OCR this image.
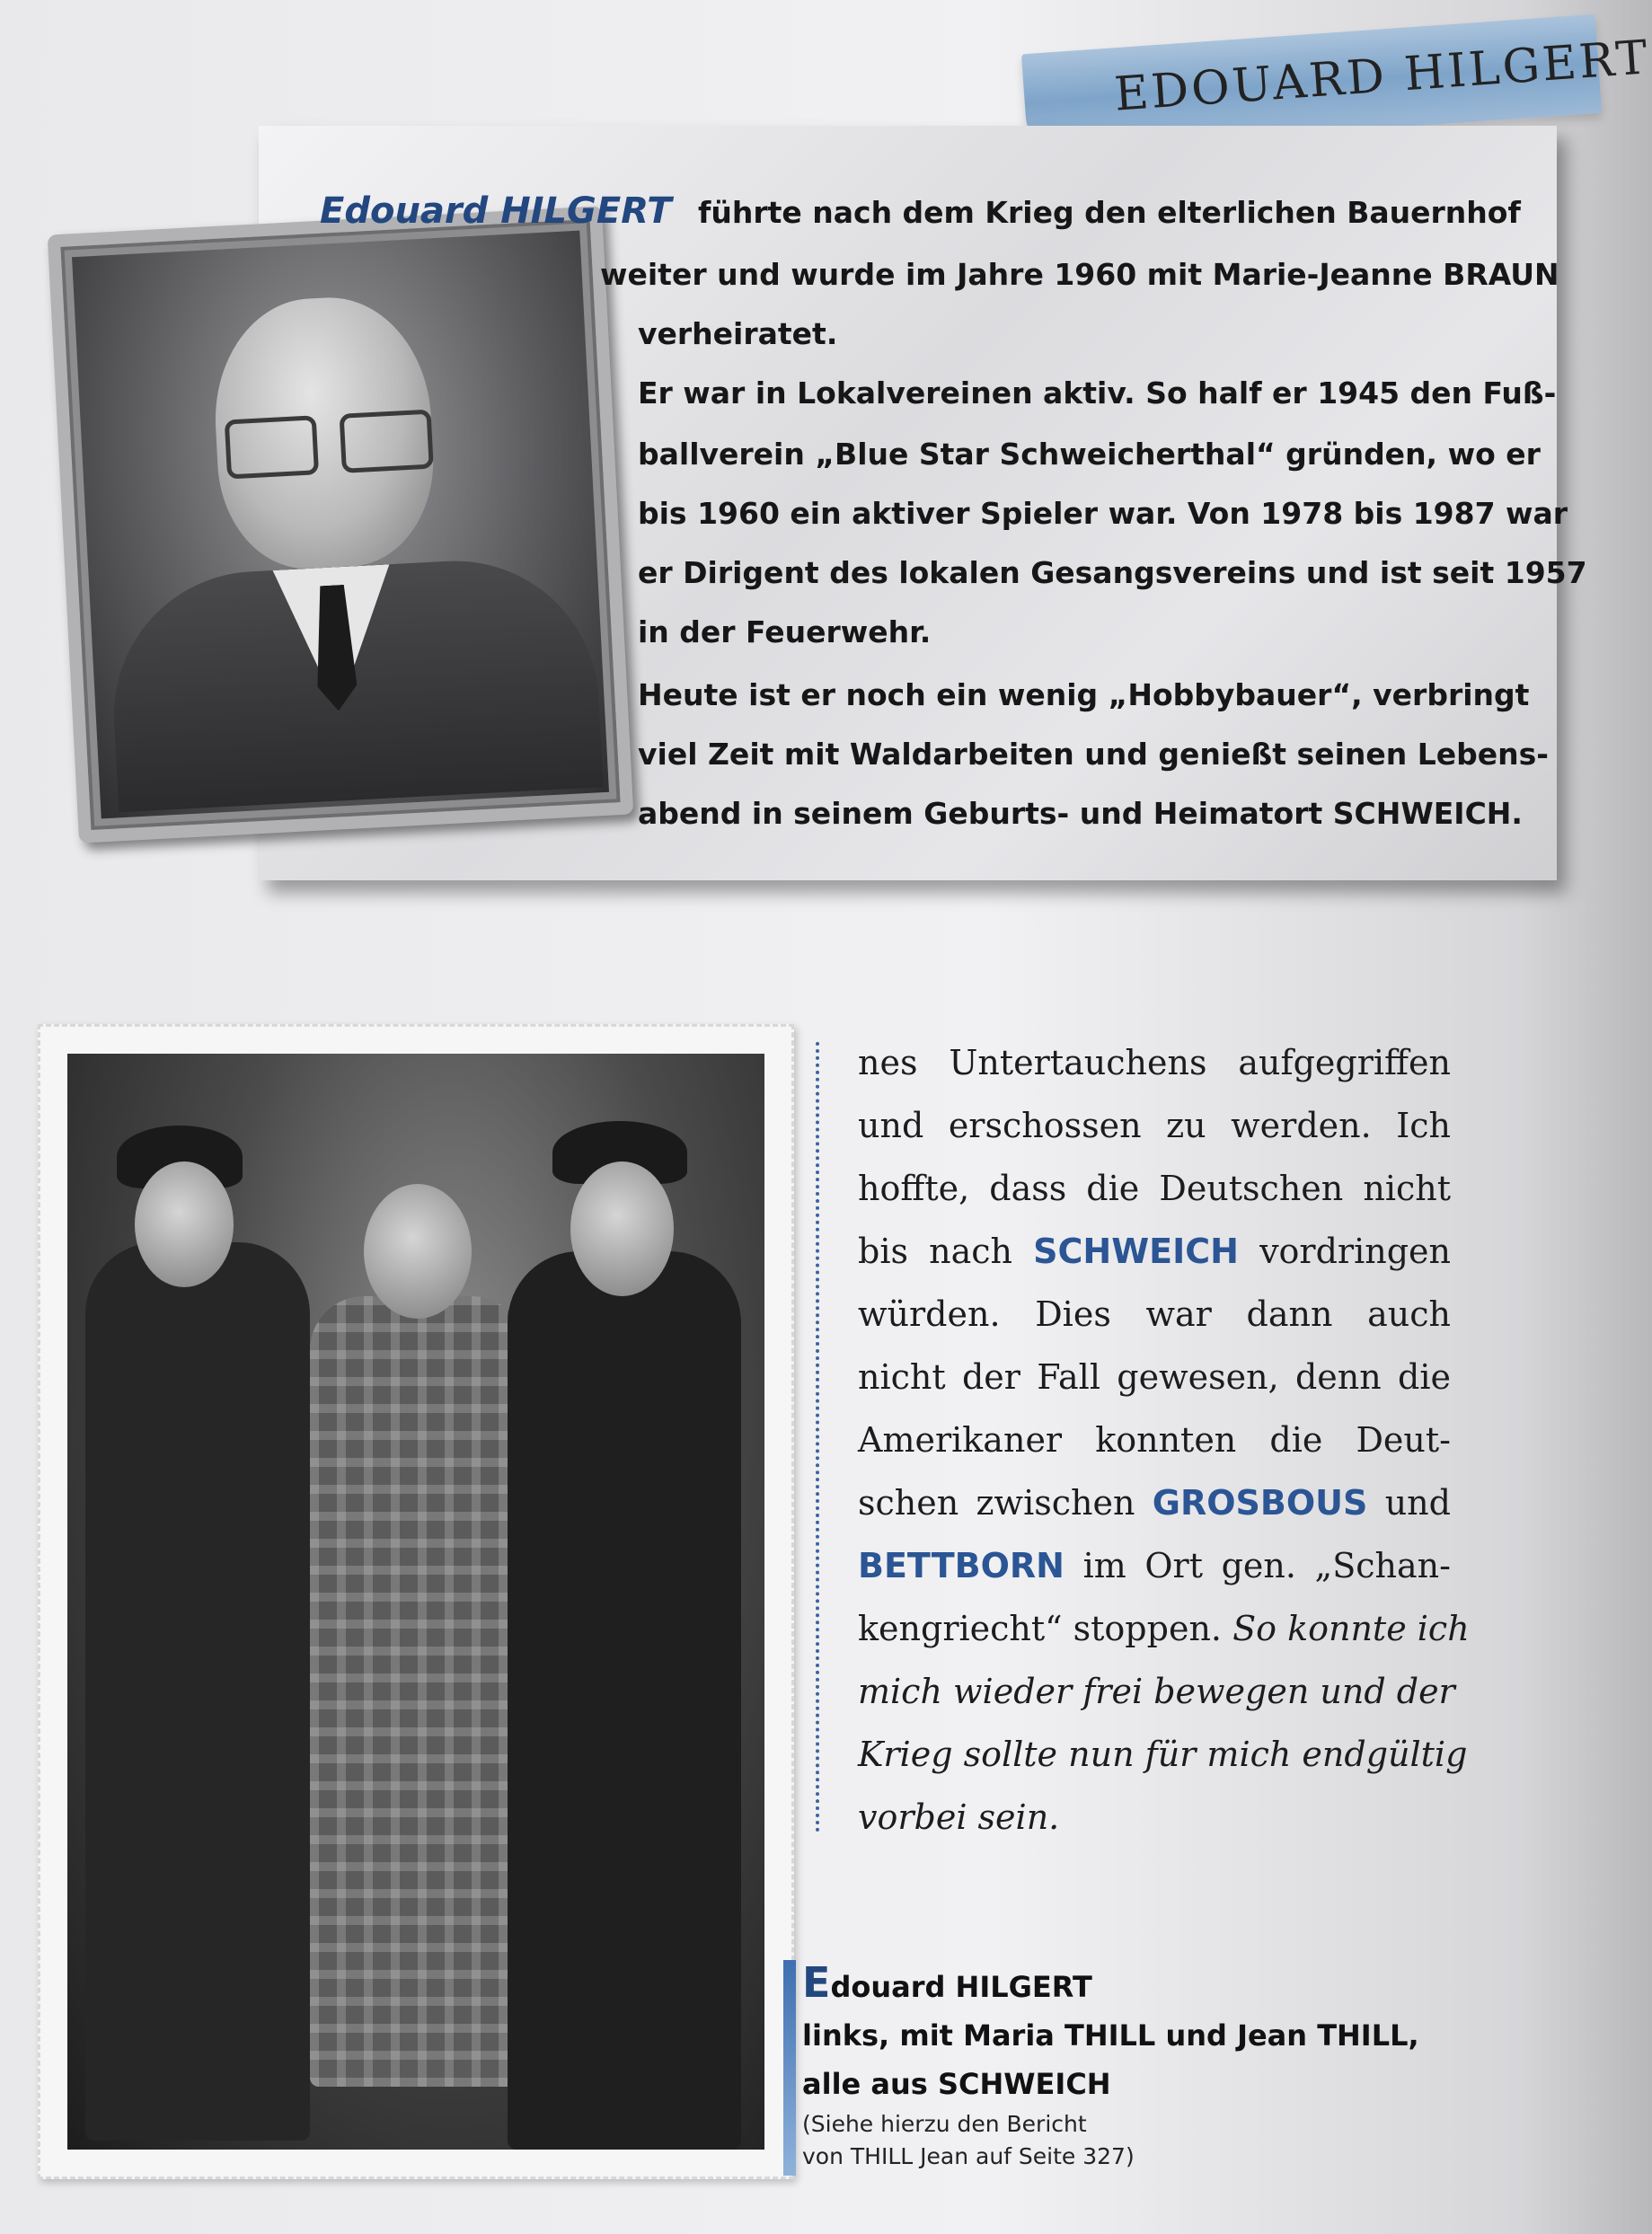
EDOUARD HILGERT
Edouard HILGERT führte nach dem Krieg den elterlichen Bauernhof
weiter und wurde im Jahre 1960 mit Marie-Jeanne BRAUN
verheiratet.
Er war in Lokalvereinen aktiv. So half er 1945 den Fuß-
ballverein „Blue Star Schweicherthal“ gründen, wo er
bis 1960 ein aktiver Spieler war. Von 1978 bis 1987 war
er Dirigent des lokalen Gesangsvereins und ist seit 1957
in der Feuerwehr.
Heute ist er noch ein wenig „Hobbybauer“, verbringt
viel Zeit mit Waldarbeiten und genießt seinen Lebens-
abend in seinem Geburts- und Heimatort SCHWEICH.

nes Untertauchens aufgegriffen

und erschossen zu werden. Ich

hoffte, dass die Deutschen nicht

bis nach SCHWEICH vordringen

würden. Dies war dann auch

nicht der Fall gewesen, denn die

Amerikaner konnten die Deut-

schen zwischen GROSBOUS und

BETTBORN im Ort gen. „Schan-

kengriecht“ stoppen. So konnte ich

mich wieder frei bewegen und der

Krieg sollte nun für mich endgültig

vorbei sein.

Edouard HILGERT
links, mit Maria THILL und Jean THILL,
alle aus SCHWEICH
(Siehe hierzu den Bericht
von THILL Jean auf Seite 327)
